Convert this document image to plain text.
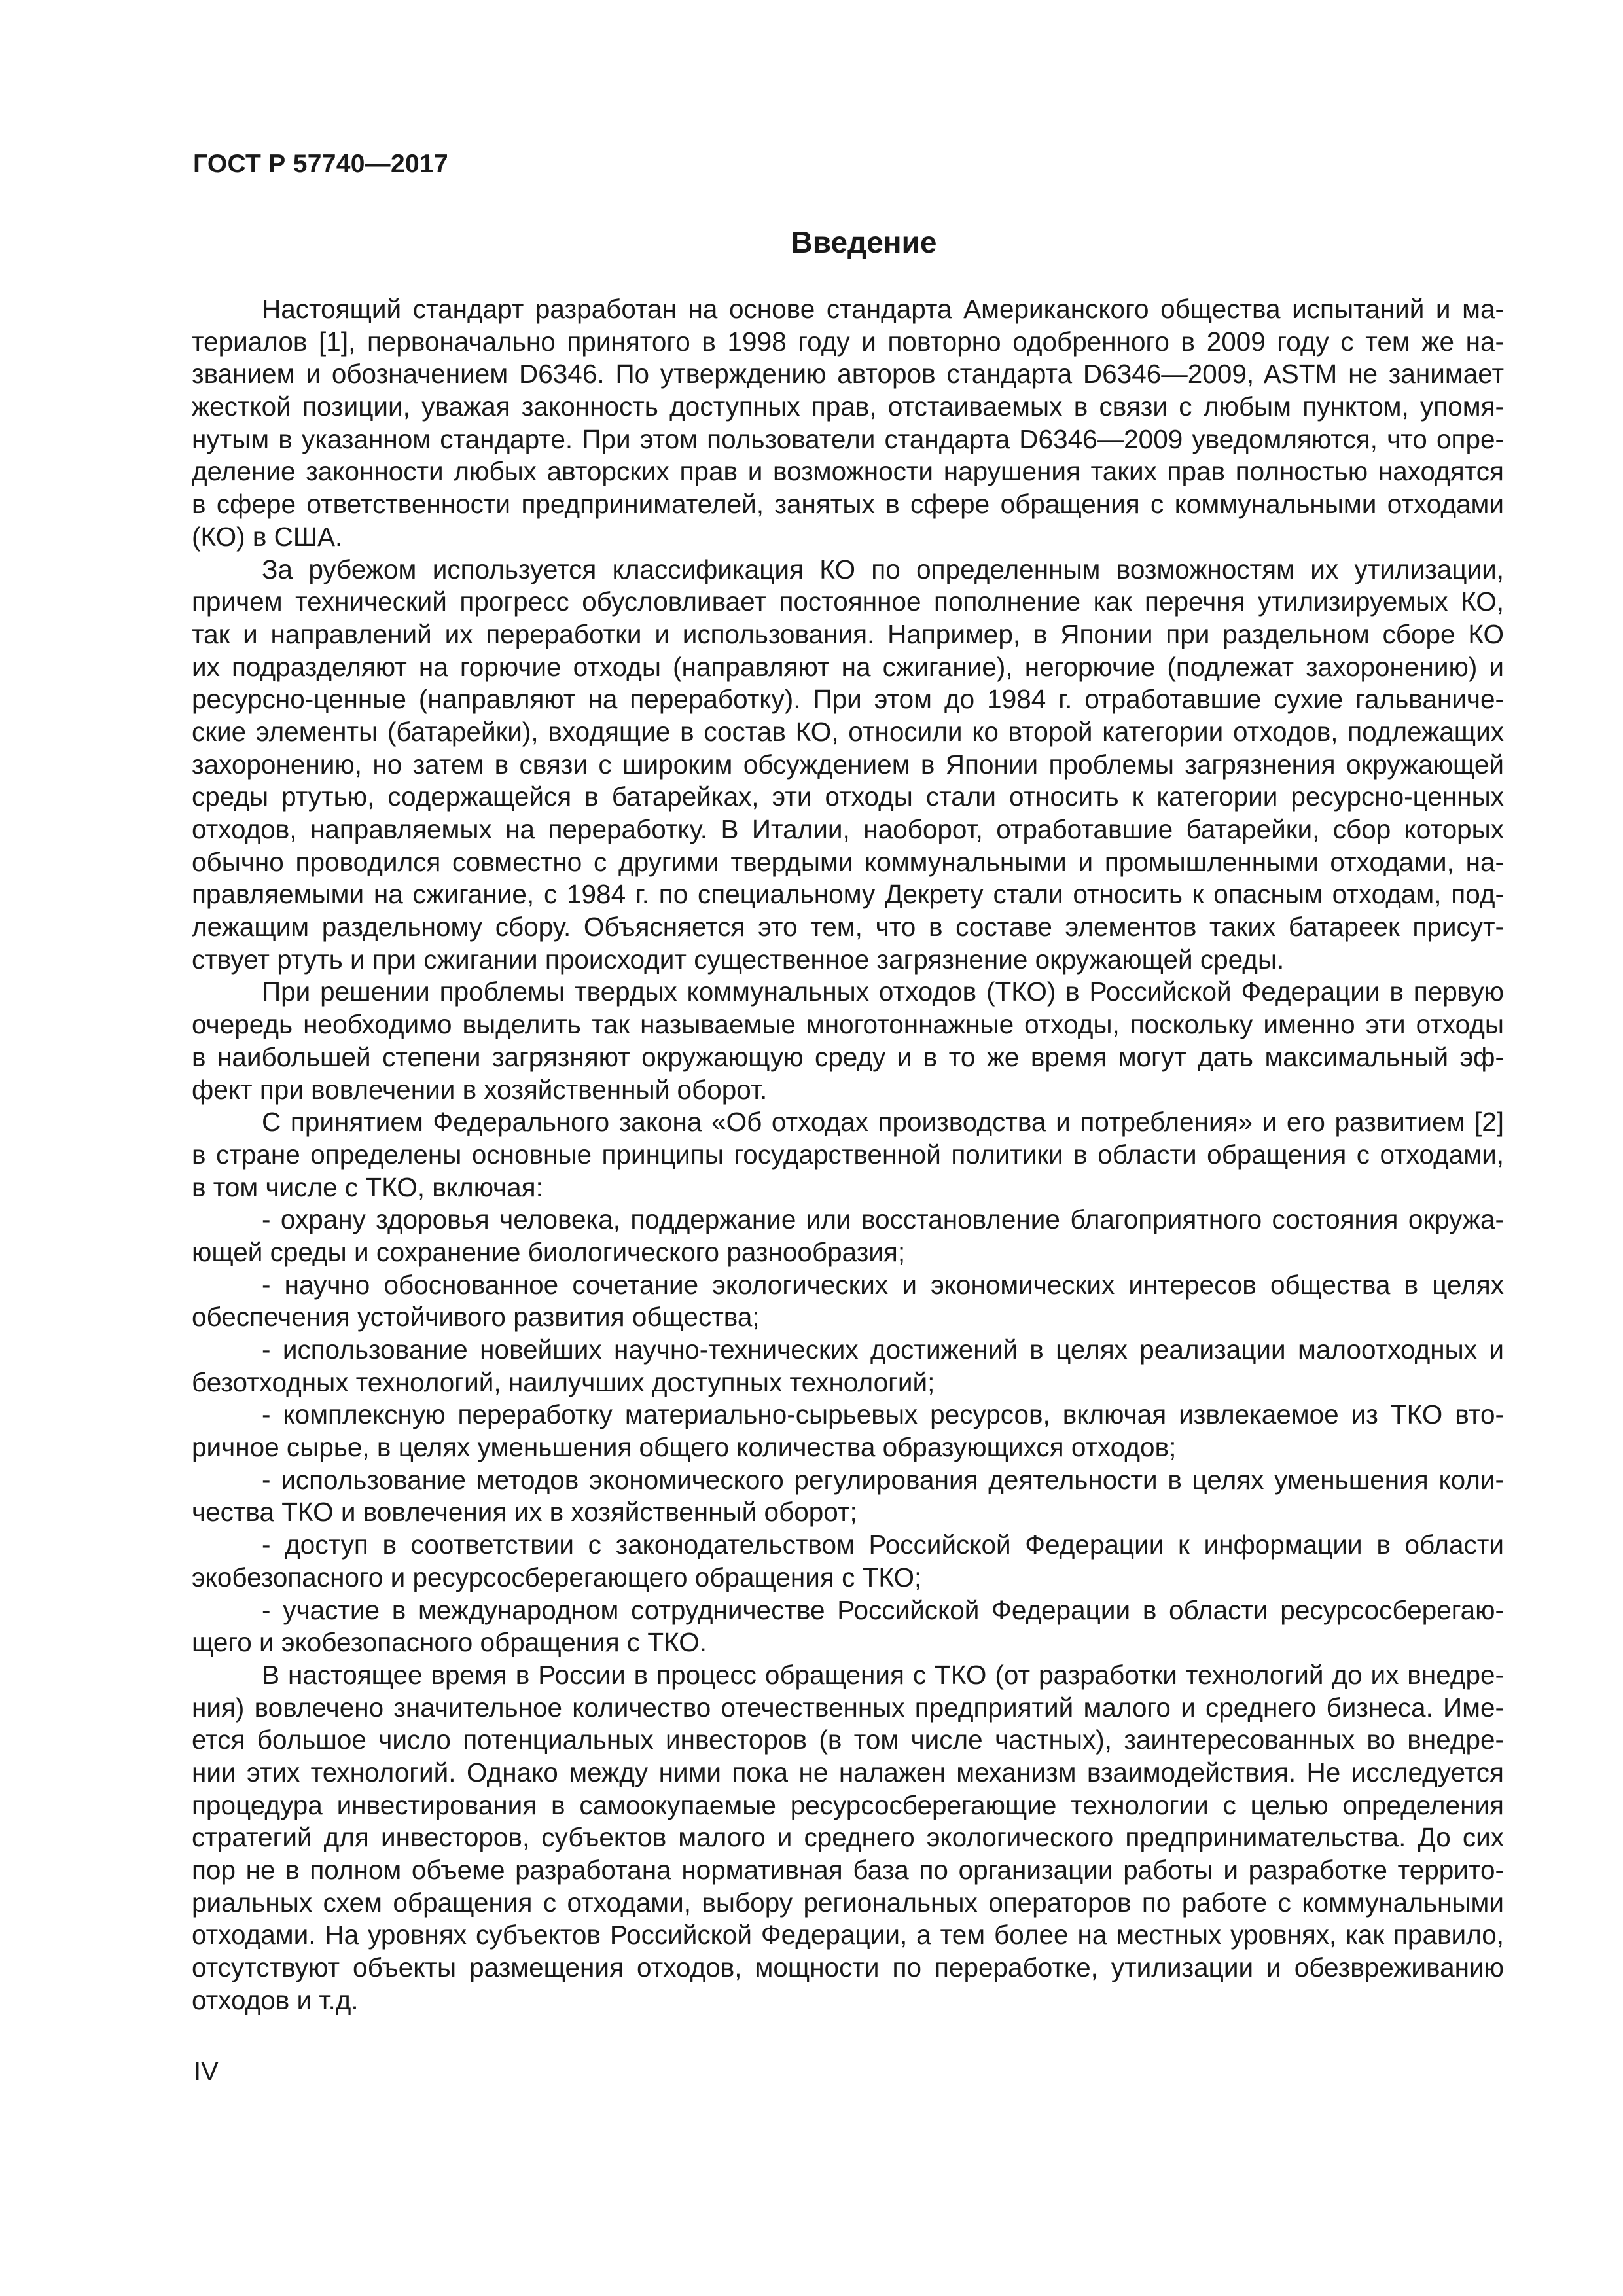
ГОСТ Р 57740—2017
Введение
Настоящий стандарт разработан на основе стандарта Американского общества испытаний и ма-
териалов [1], первоначально принятого в 1998 году и повторно одобренного в 2009 году с тем же на-
званием и обозначением D6346. По утверждению авторов стандарта D6346—2009, ASTM не занимает
жесткой позиции, уважая законность доступных прав, отстаиваемых в связи с любым пунктом, упомя-
нутым в указанном стандарте. При этом пользователи стандарта D6346—2009 уведомляются, что опре-
деление законности любых авторских прав и возможности нарушения таких прав полностью находятся
в сфере ответственности предпринимателей, занятых в сфере обращения с коммунальными отходами
(КО) в США.
За рубежом используется классификация КО по определенным возможностям их утилизации,
причем технический прогресс обусловливает постоянное пополнение как перечня утилизируемых КО,
так и направлений их переработки и использования. Например, в Японии при раздельном сборе КО
их подразделяют на горючие отходы (направляют на сжигание), негорючие (подлежат захоронению) и
ресурсно-ценные (направляют на переработку). При этом до 1984 г. отработавшие сухие гальваниче-
ские элементы (батарейки), входящие в состав КО, относили ко второй категории отходов, подлежащих
захоронению, но затем в связи с широким обсуждением в Японии проблемы загрязнения окружающей
среды ртутью, содержащейся в батарейках, эти отходы стали относить к категории ресурсно-ценных
отходов, направляемых на переработку. В Италии, наоборот, отработавшие батарейки, сбор которых
обычно проводился совместно с другими твердыми коммунальными и промышленными отходами, на-
правляемыми на сжигание, с 1984 г. по специальному Декрету стали относить к опасным отходам, под-
лежащим раздельному сбору. Объясняется это тем, что в составе элементов таких батареек присут-
ствует ртуть и при сжигании происходит существенное загрязнение окружающей среды.
При решении проблемы твердых коммунальных отходов (ТКО) в Российской Федерации в первую
очередь необходимо выделить так называемые многотоннажные отходы, поскольку именно эти отходы
в наибольшей степени загрязняют окружающую среду и в то же время могут дать максимальный эф-
фект при вовлечении в хозяйственный оборот.
С принятием Федерального закона «Об отходах производства и потребления» и его развитием [2]
в стране определены основные принципы государственной политики в области обращения с отходами,
в том числе с ТКО, включая:
- охрану здоровья человека, поддержание или восстановление благоприятного состояния окружа-
ющей среды и сохранение биологического разнообразия;
- научно обоснованное сочетание экологических и экономических интересов общества в целях
обеспечения устойчивого развития общества;
- использование новейших научно-технических достижений в целях реализации малоотходных и
безотходных технологий, наилучших доступных технологий;
- комплексную переработку материально-сырьевых ресурсов, включая извлекаемое из ТКО вто-
ричное сырье, в целях уменьшения общего количества образующихся отходов;
- использование методов экономического регулирования деятельности в целях уменьшения коли-
чества ТКО и вовлечения их в хозяйственный оборот;
- доступ в соответствии с законодательством Российской Федерации к информации в области
экобезопасного и ресурсосберегающего обращения с ТКО;
- участие в международном сотрудничестве Российской Федерации в области ресурсосберегаю-
щего и экобезопасного обращения с ТКО.
В настоящее время в России в процесс обращения с ТКО (от разработки технологий до их внедре-
ния) вовлечено значительное количество отечественных предприятий малого и среднего бизнеса. Име-
ется большое число потенциальных инвесторов (в том числе частных), заинтересованных во внедре-
нии этих технологий. Однако между ними пока не налажен механизм взаимодействия. Не исследуется
процедура инвестирования в самоокупаемые ресурсосберегающие технологии с целью определения
стратегий для инвесторов, субъектов малого и среднего экологического предпринимательства. До сих
пор не в полном объеме разработана нормативная база по организации работы и разработке террито-
риальных схем обращения с отходами, выбору региональных операторов по работе с коммунальными
отходами. На уровнях субъектов Российской Федерации, а тем более на местных уровнях, как правило,
отсутствуют объекты размещения отходов, мощности по переработке, утилизации и обезвреживанию
отходов и т.д.
IV
